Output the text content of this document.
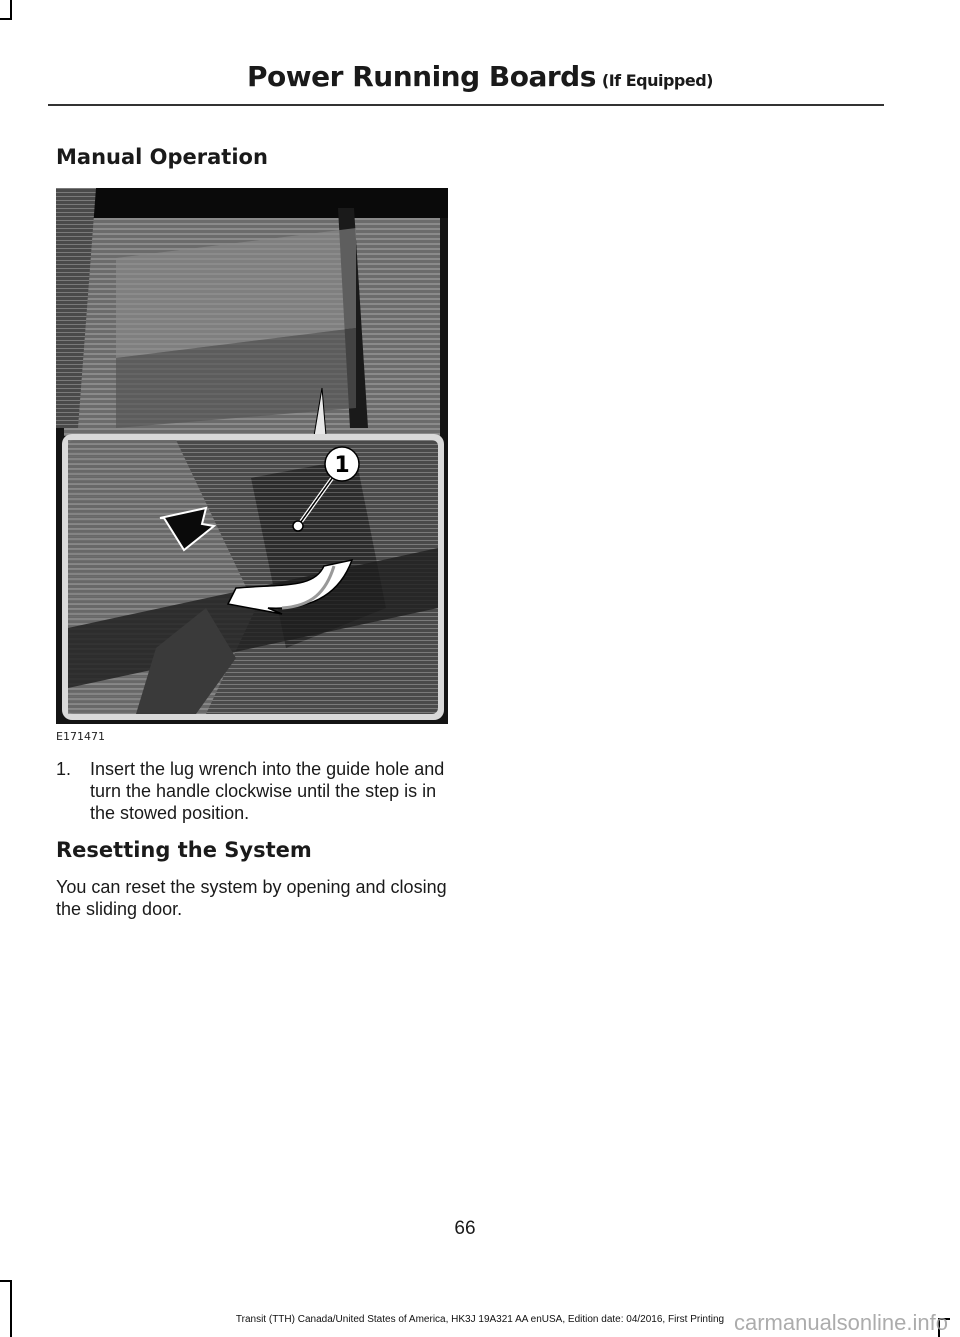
Power Running Boards (If Equipped)
Manual Operation
1
E171471
1. Insert the lug wrench into the guide hole and turn the handle clockwise until the step is in the stowed position.
Resetting the System
You can reset the system by opening and closing the sliding door.
66
Transit (TTH) Canada/United States of America, HK3J 19A321 AA enUSA, Edition date: 04/2016, First Printing carmanualsonline.info
